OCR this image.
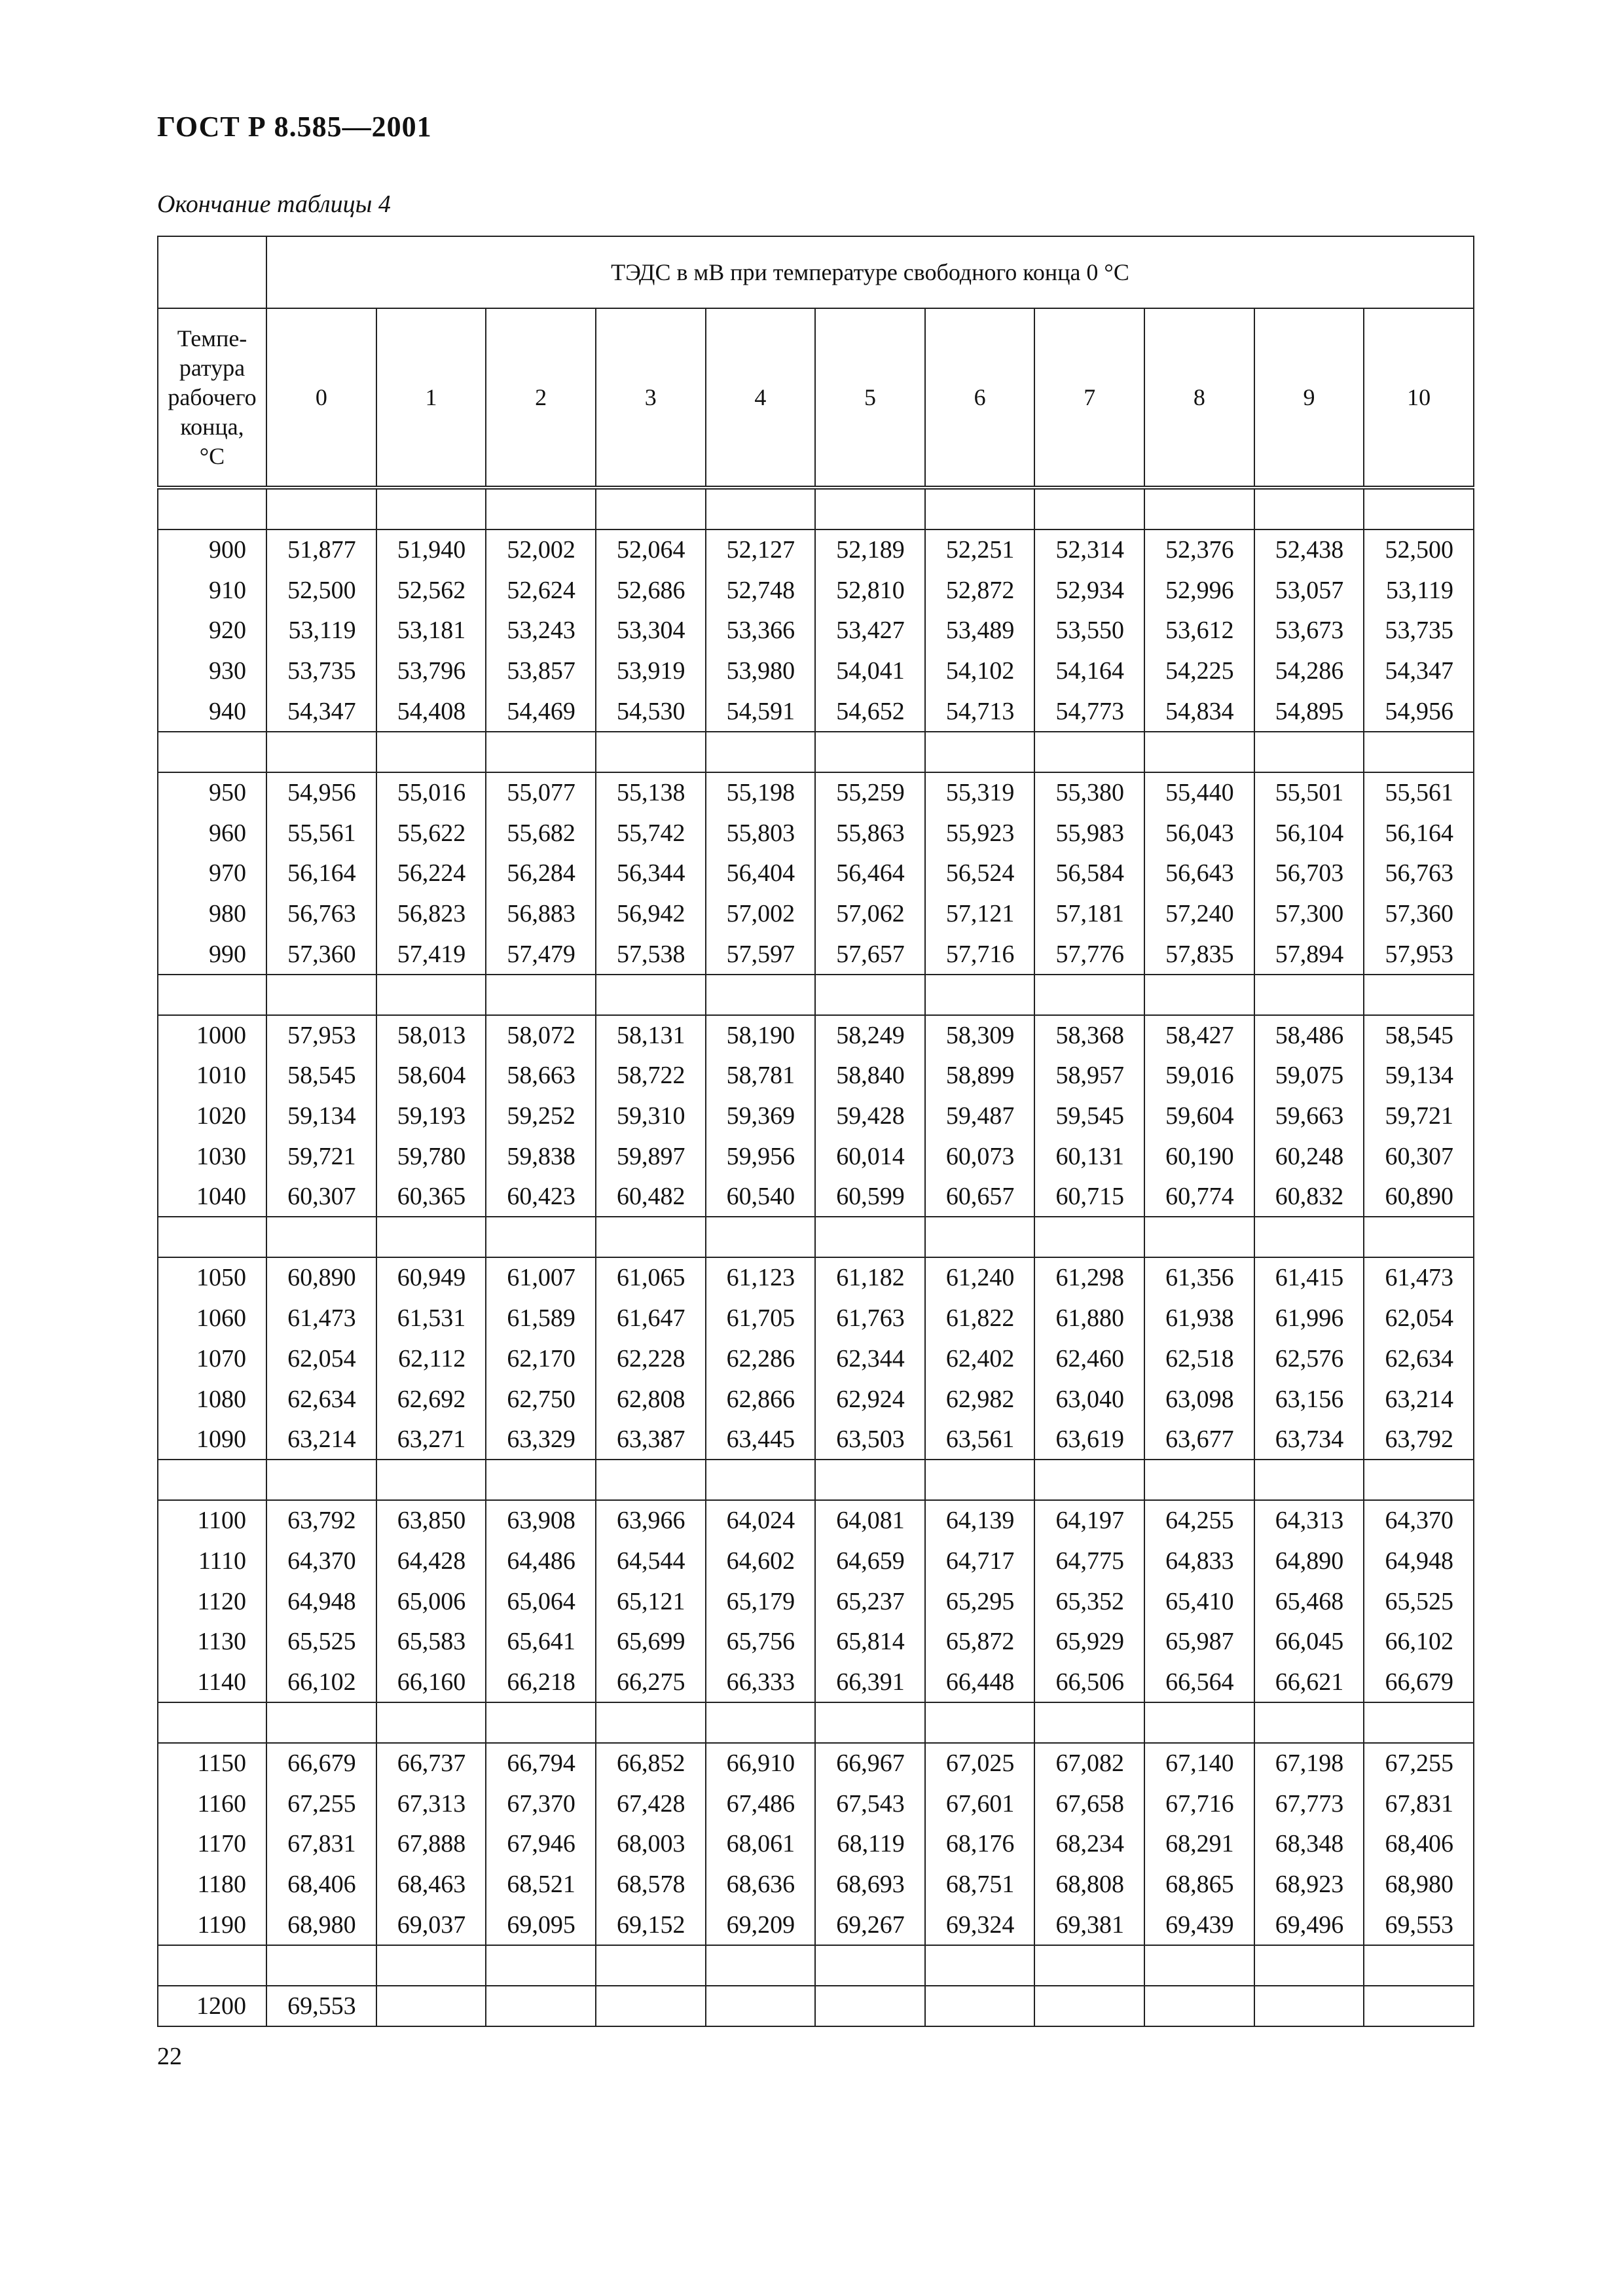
ГОСТ Р 8.585—2001
Окончание таблицы 4
	ТЭДС в мВ при температуре свободного конца 0 °C										

Темпе-
ратура
рабочего
конца,
°C	0	1	2	3	4	5	6	7	8	9	10

900	51,877	51,940	52,002	52,064	52,127	52,189	52,251	52,314	52,376	52,438	52,500
910	52,500	52,562	52,624	52,686	52,748	52,810	52,872	52,934	52,996	53,057	53,119
920	53,119	53,181	53,243	53,304	53,366	53,427	53,489	53,550	53,612	53,673	53,735
930	53,735	53,796	53,857	53,919	53,980	54,041	54,102	54,164	54,225	54,286	54,347
940	54,347	54,408	54,469	54,530	54,591	54,652	54,713	54,773	54,834	54,895	54,956

950	54,956	55,016	55,077	55,138	55,198	55,259	55,319	55,380	55,440	55,501	55,561
960	55,561	55,622	55,682	55,742	55,803	55,863	55,923	55,983	56,043	56,104	56,164
970	56,164	56,224	56,284	56,344	56,404	56,464	56,524	56,584	56,643	56,703	56,763
980	56,763	56,823	56,883	56,942	57,002	57,062	57,121	57,181	57,240	57,300	57,360
990	57,360	57,419	57,479	57,538	57,597	57,657	57,716	57,776	57,835	57,894	57,953

1000	57,953	58,013	58,072	58,131	58,190	58,249	58,309	58,368	58,427	58,486	58,545
1010	58,545	58,604	58,663	58,722	58,781	58,840	58,899	58,957	59,016	59,075	59,134
1020	59,134	59,193	59,252	59,310	59,369	59,428	59,487	59,545	59,604	59,663	59,721
1030	59,721	59,780	59,838	59,897	59,956	60,014	60,073	60,131	60,190	60,248	60,307
1040	60,307	60,365	60,423	60,482	60,540	60,599	60,657	60,715	60,774	60,832	60,890

1050	60,890	60,949	61,007	61,065	61,123	61,182	61,240	61,298	61,356	61,415	61,473
1060	61,473	61,531	61,589	61,647	61,705	61,763	61,822	61,880	61,938	61,996	62,054
1070	62,054	62,112	62,170	62,228	62,286	62,344	62,402	62,460	62,518	62,576	62,634
1080	62,634	62,692	62,750	62,808	62,866	62,924	62,982	63,040	63,098	63,156	63,214
1090	63,214	63,271	63,329	63,387	63,445	63,503	63,561	63,619	63,677	63,734	63,792

1100	63,792	63,850	63,908	63,966	64,024	64,081	64,139	64,197	64,255	64,313	64,370
1110	64,370	64,428	64,486	64,544	64,602	64,659	64,717	64,775	64,833	64,890	64,948
1120	64,948	65,006	65,064	65,121	65,179	65,237	65,295	65,352	65,410	65,468	65,525
1130	65,525	65,583	65,641	65,699	65,756	65,814	65,872	65,929	65,987	66,045	66,102
1140	66,102	66,160	66,218	66,275	66,333	66,391	66,448	66,506	66,564	66,621	66,679

1150	66,679	66,737	66,794	66,852	66,910	66,967	67,025	67,082	67,140	67,198	67,255
1160	67,255	67,313	67,370	67,428	67,486	67,543	67,601	67,658	67,716	67,773	67,831
1170	67,831	67,888	67,946	68,003	68,061	68,119	68,176	68,234	68,291	68,348	68,406
1180	68,406	68,463	68,521	68,578	68,636	68,693	68,751	68,808	68,865	68,923	68,980
1190	68,980	69,037	69,095	69,152	69,209	69,267	69,324	69,381	69,439	69,496	69,553

1200	69,553										
22
